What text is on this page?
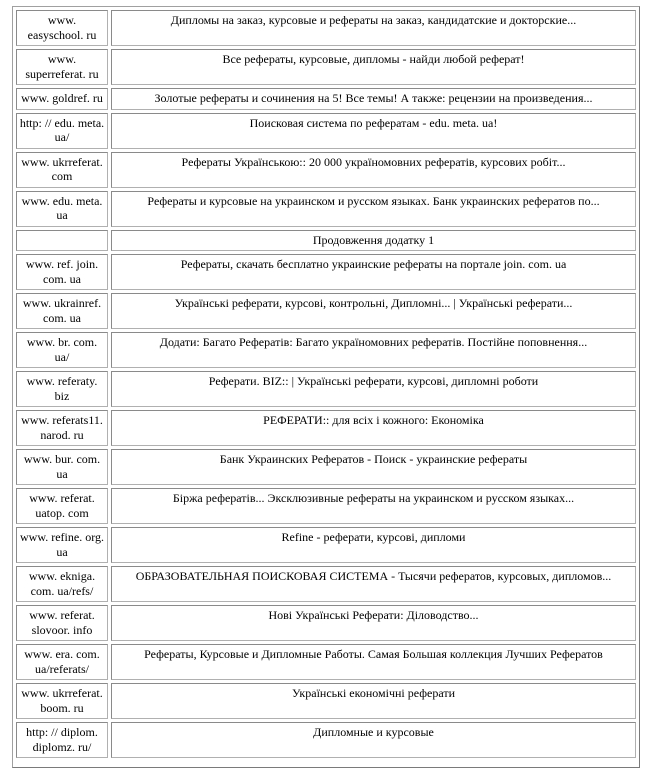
www. easyschool. ru	Дипломы на заказ, курсовые и рефераты на заказ, кандидатские и докторские...
www. superreferat. ru	Все рефераты, курсовые, дипломы - найди любой реферат!
www. goldref. ru	Золотые рефераты и сочинения на 5! Все темы! А также: рецензии на произведения...
http: // edu. meta. ua/	Поисковая система по рефератам - edu. meta. ua!
www. ukrreferat. com	Рефераты Українською:: 20 000 україномовних рефератів, курсових робіт...
www. edu. meta. ua	Рефераты и курсовые на украинском и русском языках. Банк украинских рефератов по...
	Продовження додатку 1
www. ref. join. com. ua	Рефераты, скачать бесплатно украинские рефераты на портале join. com. ua
www. ukrainref. com. ua	Українські реферати, курсові, контрольні, Дипломні... | Українські реферати...
www. br. com. ua/	Додати: Багато Рефератів: Багато україномовних рефератів. Постійне поповнення...
www. referaty. biz	Реферати. BIZ:: | Українські реферати, курсові, дипломні роботи
www. referats11. narod. ru	РЕФЕРАТИ:: для всіх і кожного: Економіка
www. bur. com. ua	Банк Украинских Рефератов - Поиск - украинские рефераты
www. referat. uatop. com	Біржа рефератів... Эксклюзивные рефераты на украинском и русском языках...
www. refine. org. ua	Refine - реферати, курсові, дипломи
www. ekniga. com. ua/refs/	ОБРАЗОВАТЕЛЬНАЯ ПОИСКОВАЯ СИСТЕМА - Тысячи рефератов, курсовых, дипломов...
www. referat. slovoor. info	Нові Українські Реферати: Діловодство...
www. era. com. ua/referats/	Рефераты, Курсовые и Дипломные Работы. Самая Большая коллекция Лучших Рефератов
www. ukrreferat. boom. ru	Українські економічні реферати
http: // diplom. diplomz. ru/	Дипломные и курсовые
